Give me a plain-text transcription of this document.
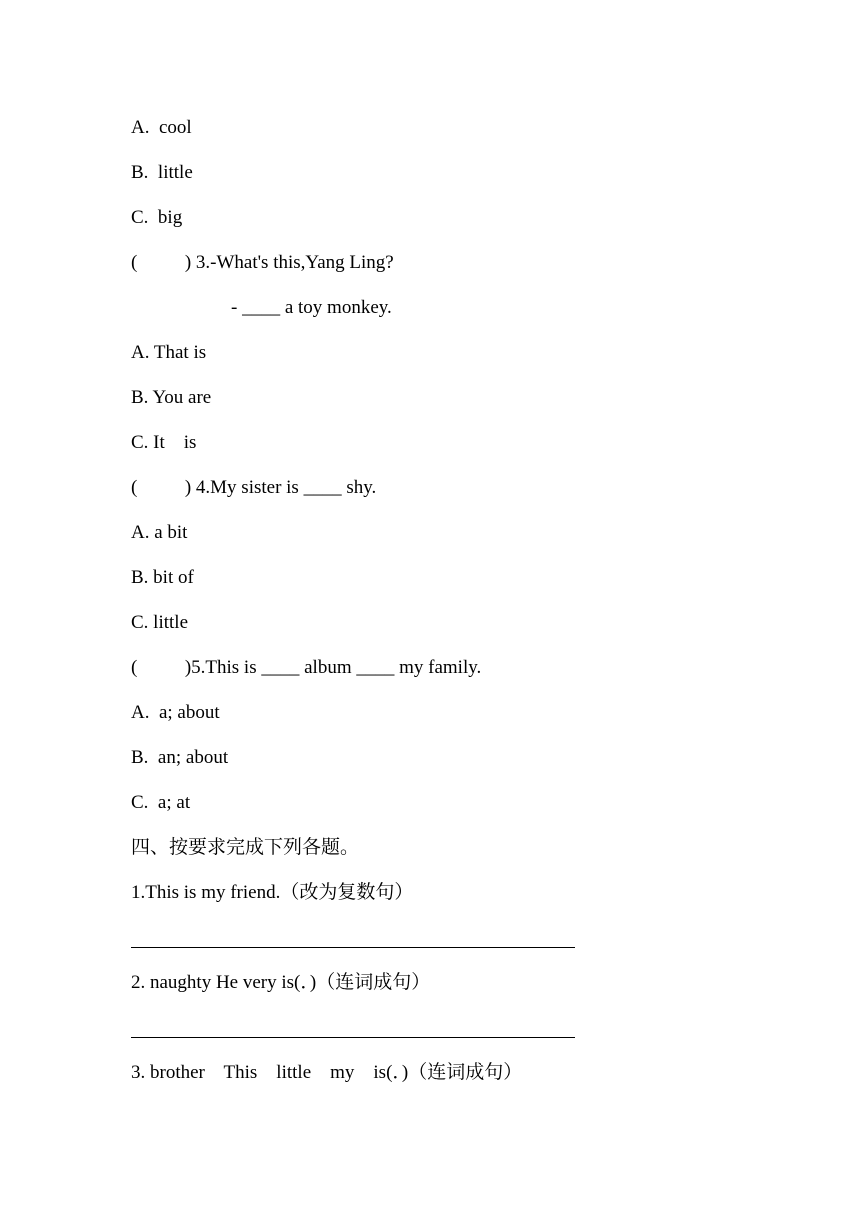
A.  cool

B.  little

C.  big

(          ) 3.-What's this,Yang Ling?

- ____ a toy monkey.

A. That is

B. You are

C. It    is

(          ) 4.My sister is ____ shy.

A. a bit

B. bit of

C. little

(          )5.This is ____ album ____ my family.

A.  a; about

B.  an; about

C.  a; at

四、按要求完成下列各题。

1.This is my friend.（改为复数句）

2. naughty He very is(．)（连词成句）

3. brother    This    little    my    is(．)（连词成句）
